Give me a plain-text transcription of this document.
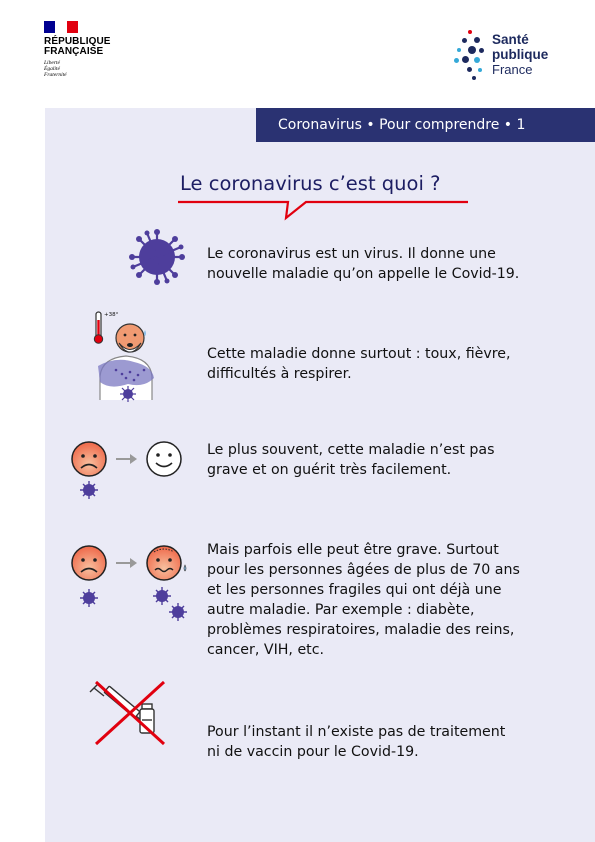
RÉPUBLIQUE
FRANÇAISE
Liberté
Égalité
Fraternité
Santé
publique
France
Coronavirus • Pour comprendre • 1
Le coronavirus c’est quoi ?
Le coronavirus est un virus. Il donne une
nouvelle maladie qu’on appelle le Covid-19.
+38°
Cette maladie donne surtout : toux, fièvre,
difficultés à respirer.
Le plus souvent, cette maladie n’est pas
grave et on guérit très facilement.
Mais parfois elle peut être grave. Surtout
pour les personnes âgées de plus de 70 ans
et les personnes fragiles qui ont déjà une
autre maladie. Par exemple : diabète,
problèmes respiratoires, maladie des reins,
cancer, VIH, etc.
Pour l’instant il n’existe pas de traitement
ni de vaccin pour le Covid-19.
